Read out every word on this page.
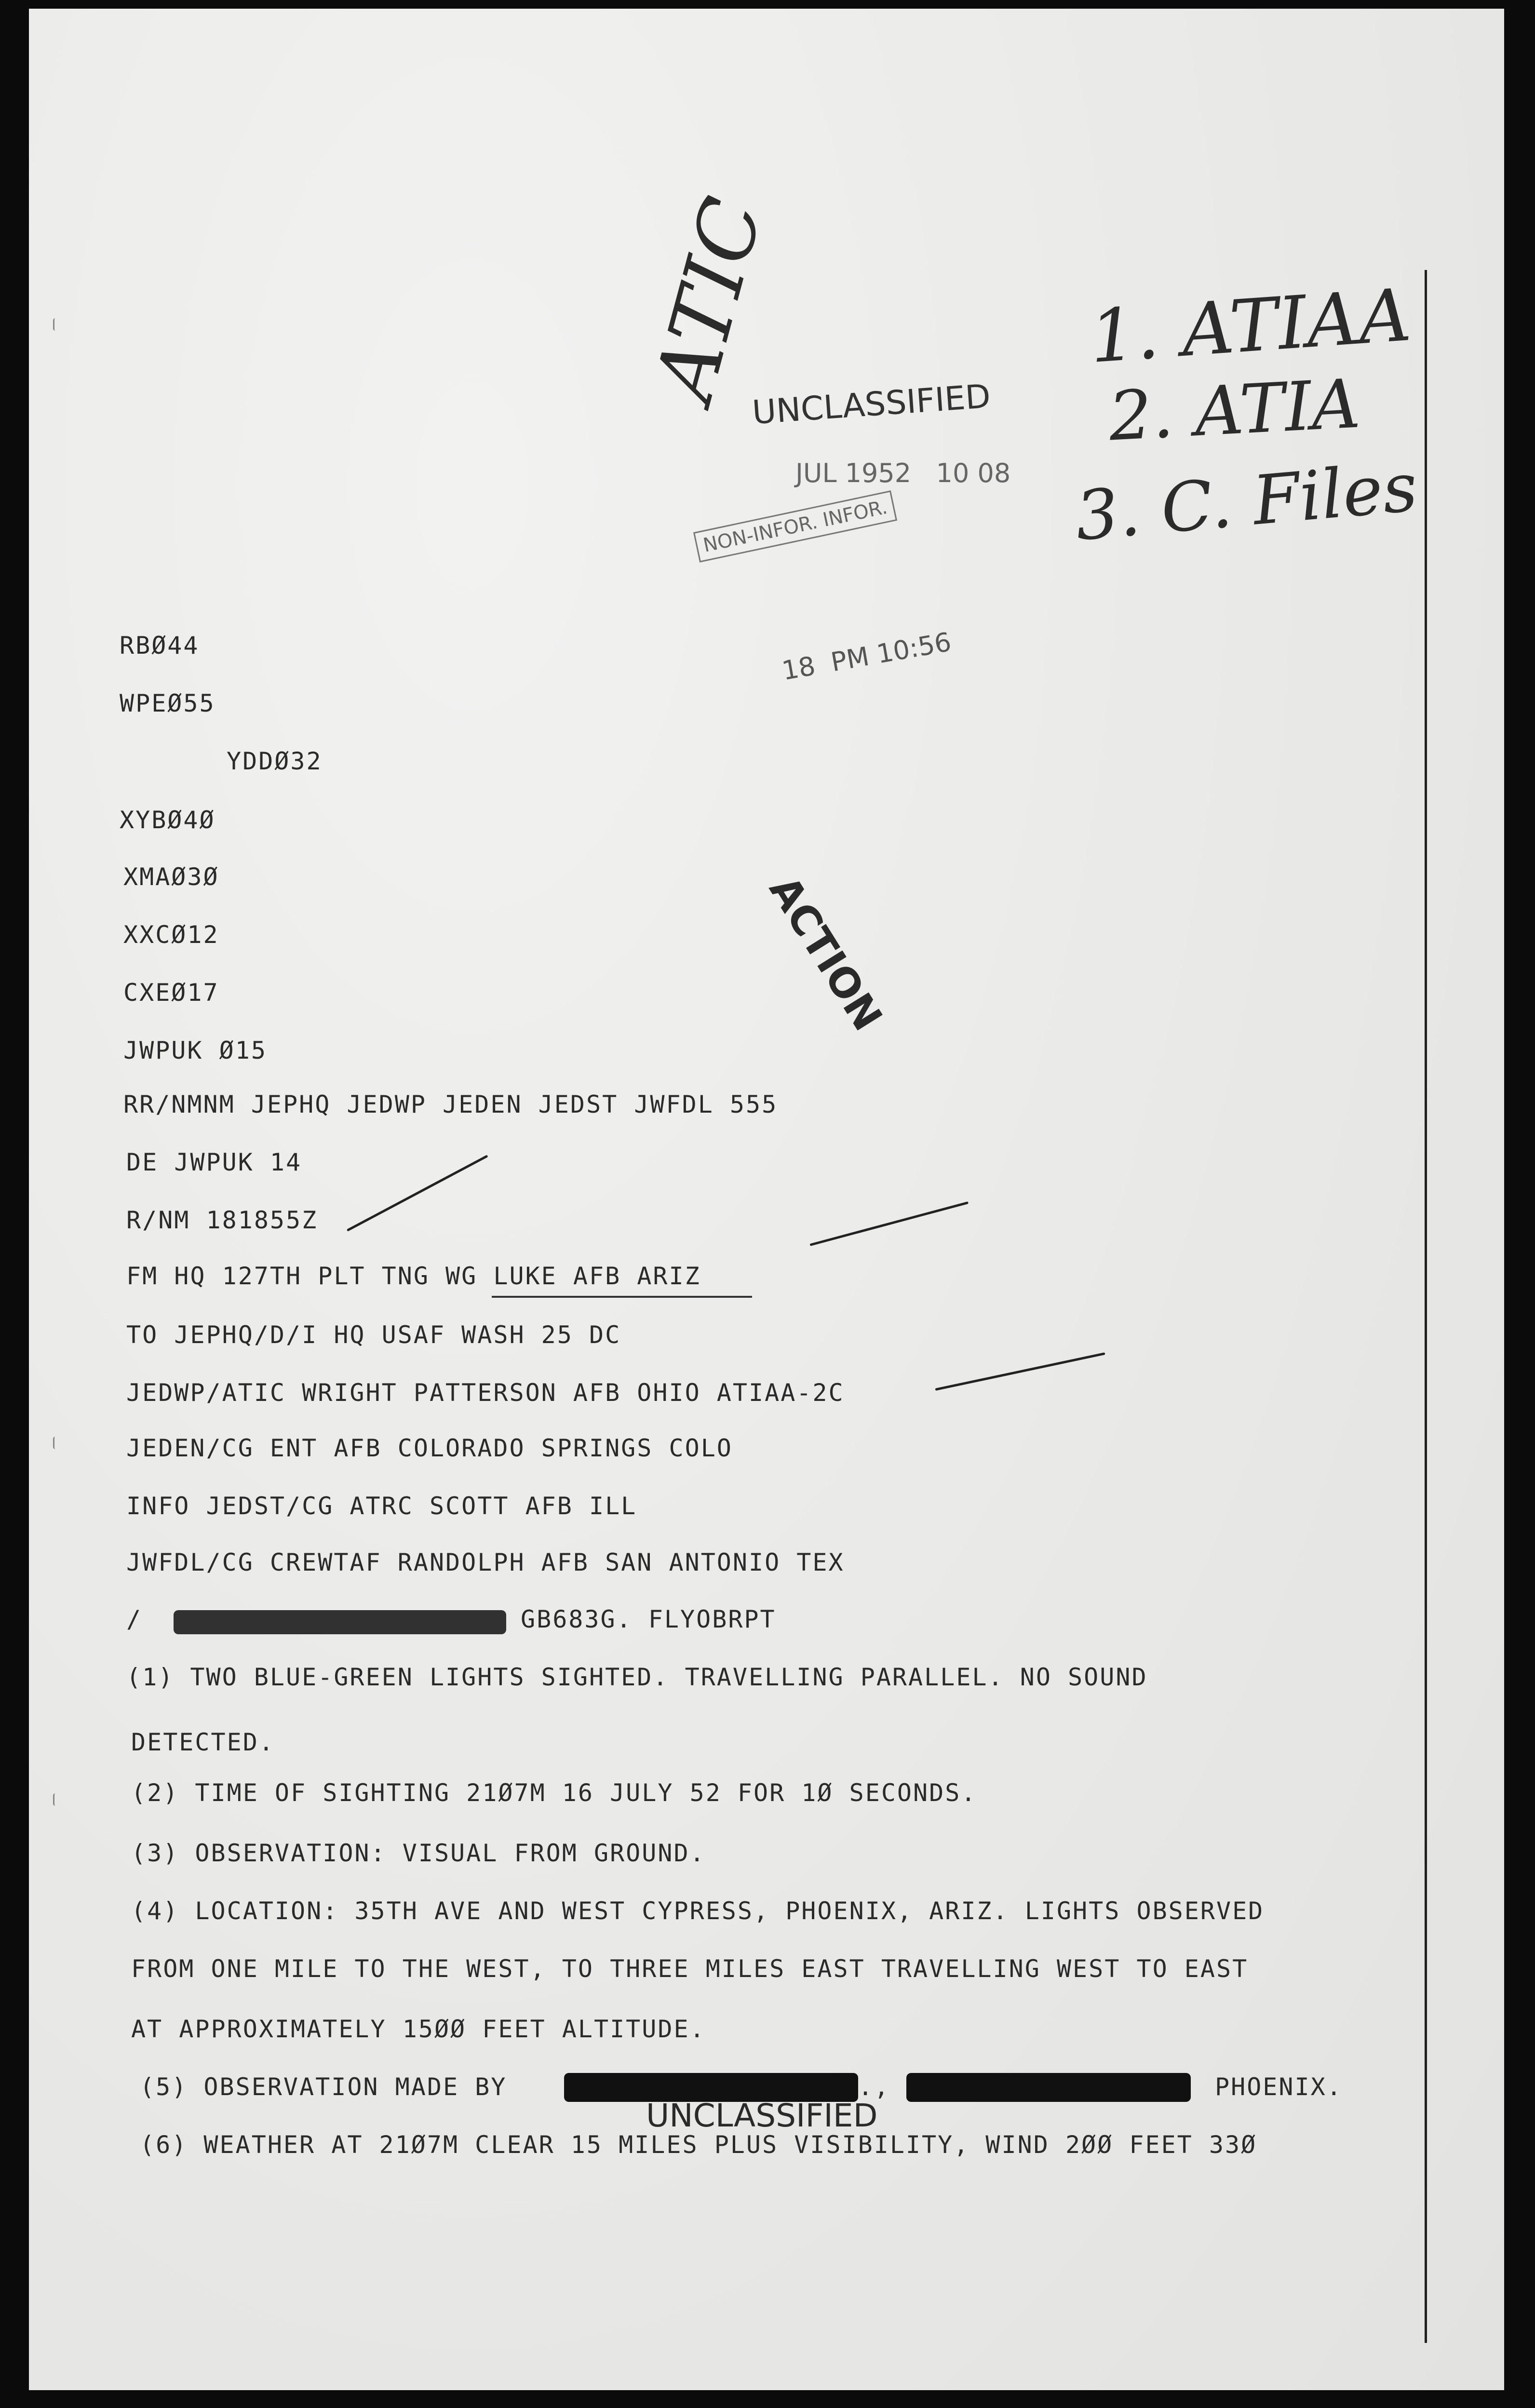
1. ATIAA
2. ATIA
3. C. Files
ATIC
UNCLASSIFIED
JUL 1952   10 08
NON-INFOR. INFOR.
18  PM 10:56
ACTION
RBØ44
WPEØ55
YDDØ32
XYBØ4Ø
XMAØ3Ø
XXCØ12
CXEØ17
JWPUK Ø15
RR/NMNM JEPHQ JEDWP JEDEN JEDST JWFDL 555
DE JWPUK 14
R/NM 181855Z
FM HQ 127TH PLT TNG WG LUKE AFB ARIZ
TO JEPHQ/D/I HQ USAF WASH 25 DC
JEDWP/ATIC WRIGHT PATTERSON AFB OHIO ATIAA-2C
JEDEN/CG ENT AFB COLORADO SPRINGS COLO
INFO JEDST/CG ATRC SCOTT AFB ILL
JWFDL/CG CREWTAF RANDOLPH AFB SAN ANTONIO TEX
/	GB683G. FLYOBRPT
(1) TWO BLUE-GREEN LIGHTS SIGHTED. TRAVELLING PARALLEL. NO SOUND
DETECTED.
(2) TIME OF SIGHTING 21Ø7M 16 JULY 52 FOR 1Ø SECONDS.
(3) OBSERVATION: VISUAL FROM GROUND.
(4) LOCATION: 35TH AVE AND WEST CYPRESS, PHOENIX, ARIZ. LIGHTS OBSERVED
FROM ONE MILE TO THE WEST, TO THREE MILES EAST TRAVELLING WEST TO EAST
AT APPROXIMATELY 15ØØ FEET ALTITUDE.
(5) OBSERVATION MADE BY	.,	PHOENIX.
UNCLASSIFIED
(6) WEATHER AT 21Ø7M CLEAR 15 MILES PLUS VISIBILITY, WIND 2ØØ FEET 33Ø
